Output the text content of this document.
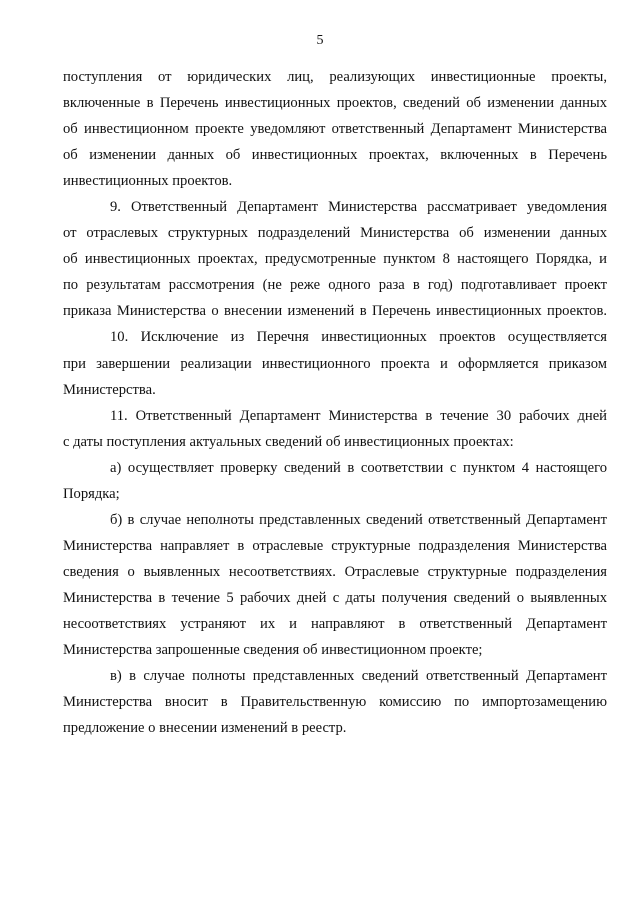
5
поступления от юридических лиц, реализующих инвестиционные проекты,
включенные в Перечень инвестиционных проектов, сведений об изменении данных
об инвестиционном проекте уведомляют ответственный Департамент Министерства
об изменении данных об инвестиционных проектах, включенных в Перечень
инвестиционных проектов.
9. Ответственный Департамент Министерства рассматривает уведомления
от отраслевых структурных подразделений Министерства об изменении данных
об инвестиционных проектах, предусмотренные пунктом 8 настоящего Порядка, и
по результатам рассмотрения (не реже одного раза в год) подготавливает проект
приказа Министерства о внесении изменений в Перечень инвестиционных проектов.
10. Исключение из Перечня инвестиционных проектов осуществляется
при завершении реализации инвестиционного проекта и оформляется приказом
Министерства.
11. Ответственный Департамент Министерства в течение 30 рабочих дней
с даты поступления актуальных сведений об инвестиционных проектах:
а) осуществляет проверку сведений в соответствии с пунктом 4 настоящего
Порядка;
б) в случае неполноты представленных сведений ответственный Департамент
Министерства направляет в отраслевые структурные подразделения Министерства
сведения о выявленных несоответствиях. Отраслевые структурные подразделения
Министерства в течение 5 рабочих дней с даты получения сведений о выявленных
несоответствиях устраняют их и направляют в ответственный Департамент
Министерства запрошенные сведения об инвестиционном проекте;
в) в случае полноты представленных сведений ответственный Департамент
Министерства вносит в Правительственную комиссию по импортозамещению
предложение о внесении изменений в реестр.
